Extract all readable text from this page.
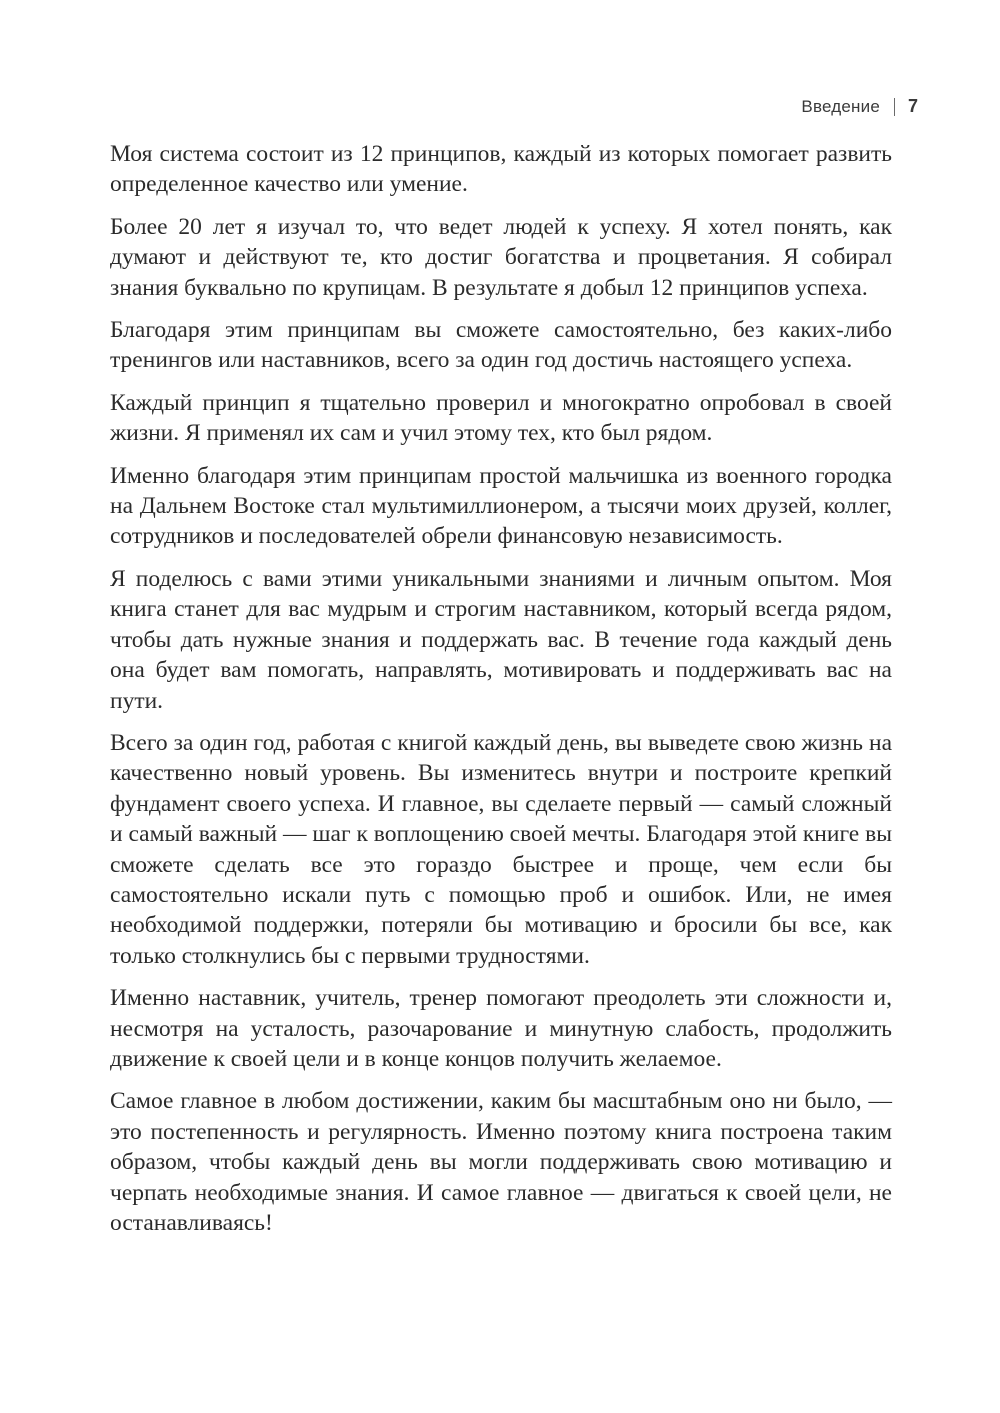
Введение 7

Моя система состоит из 12 принципов, каждый из которых помогает развить определенное качество или умение.

Более 20 лет я изучал то, что ведет людей к успеху. Я хотел понять, как думают и действуют те, кто достиг богатства и процветания. Я собирал знания буквально по крупицам. В результате я добыл 12 принципов успеха.

Благодаря этим принципам вы сможете самостоятельно, без каких-либо тренингов или наставников, всего за один год достичь настоящего успеха.

Каждый принцип я тщательно проверил и многократно опробовал в своей жизни. Я применял их сам и учил этому тех, кто был рядом.

Именно благодаря этим принципам простой мальчишка из военного городка на Дальнем Востоке стал мультимиллионером, а тысячи моих друзей, коллег, сотрудников и последователей обрели финансовую независимость.

Я поделюсь с вами этими уникальными знаниями и личным опытом. Моя книга станет для вас мудрым и строгим наставником, который всегда рядом, чтобы дать нужные знания и поддержать вас. В течение года каждый день она будет вам помогать, направлять, мотивировать и поддерживать вас на пути.

Всего за один год, работая с книгой каждый день, вы выведете свою жизнь на качественно новый уровень. Вы изменитесь внутри и построите крепкий фундамент своего успеха. И главное, вы сделаете первый — самый сложный и самый важный — шаг к воплощению своей мечты. Благодаря этой книге вы сможете сделать все это гораздо быстрее и проще, чем если бы самостоятельно искали путь с помощью проб и ошибок. Или, не имея необходимой поддержки, потеряли бы мотивацию и бросили бы все, как только столкнулись бы с первыми трудностями.

Именно наставник, учитель, тренер помогают преодолеть эти сложности и, несмотря на усталость, разочарование и минутную слабость, продолжить движение к своей цели и в конце концов получить желаемое.

Самое главное в любом достижении, каким бы масштабным оно ни было, — это постепенность и регулярность. Именно поэтому книга построена таким образом, чтобы каждый день вы могли поддерживать свою мотивацию и черпать необходимые знания. И самое главное — двигаться к своей цели, не останавливаясь!
